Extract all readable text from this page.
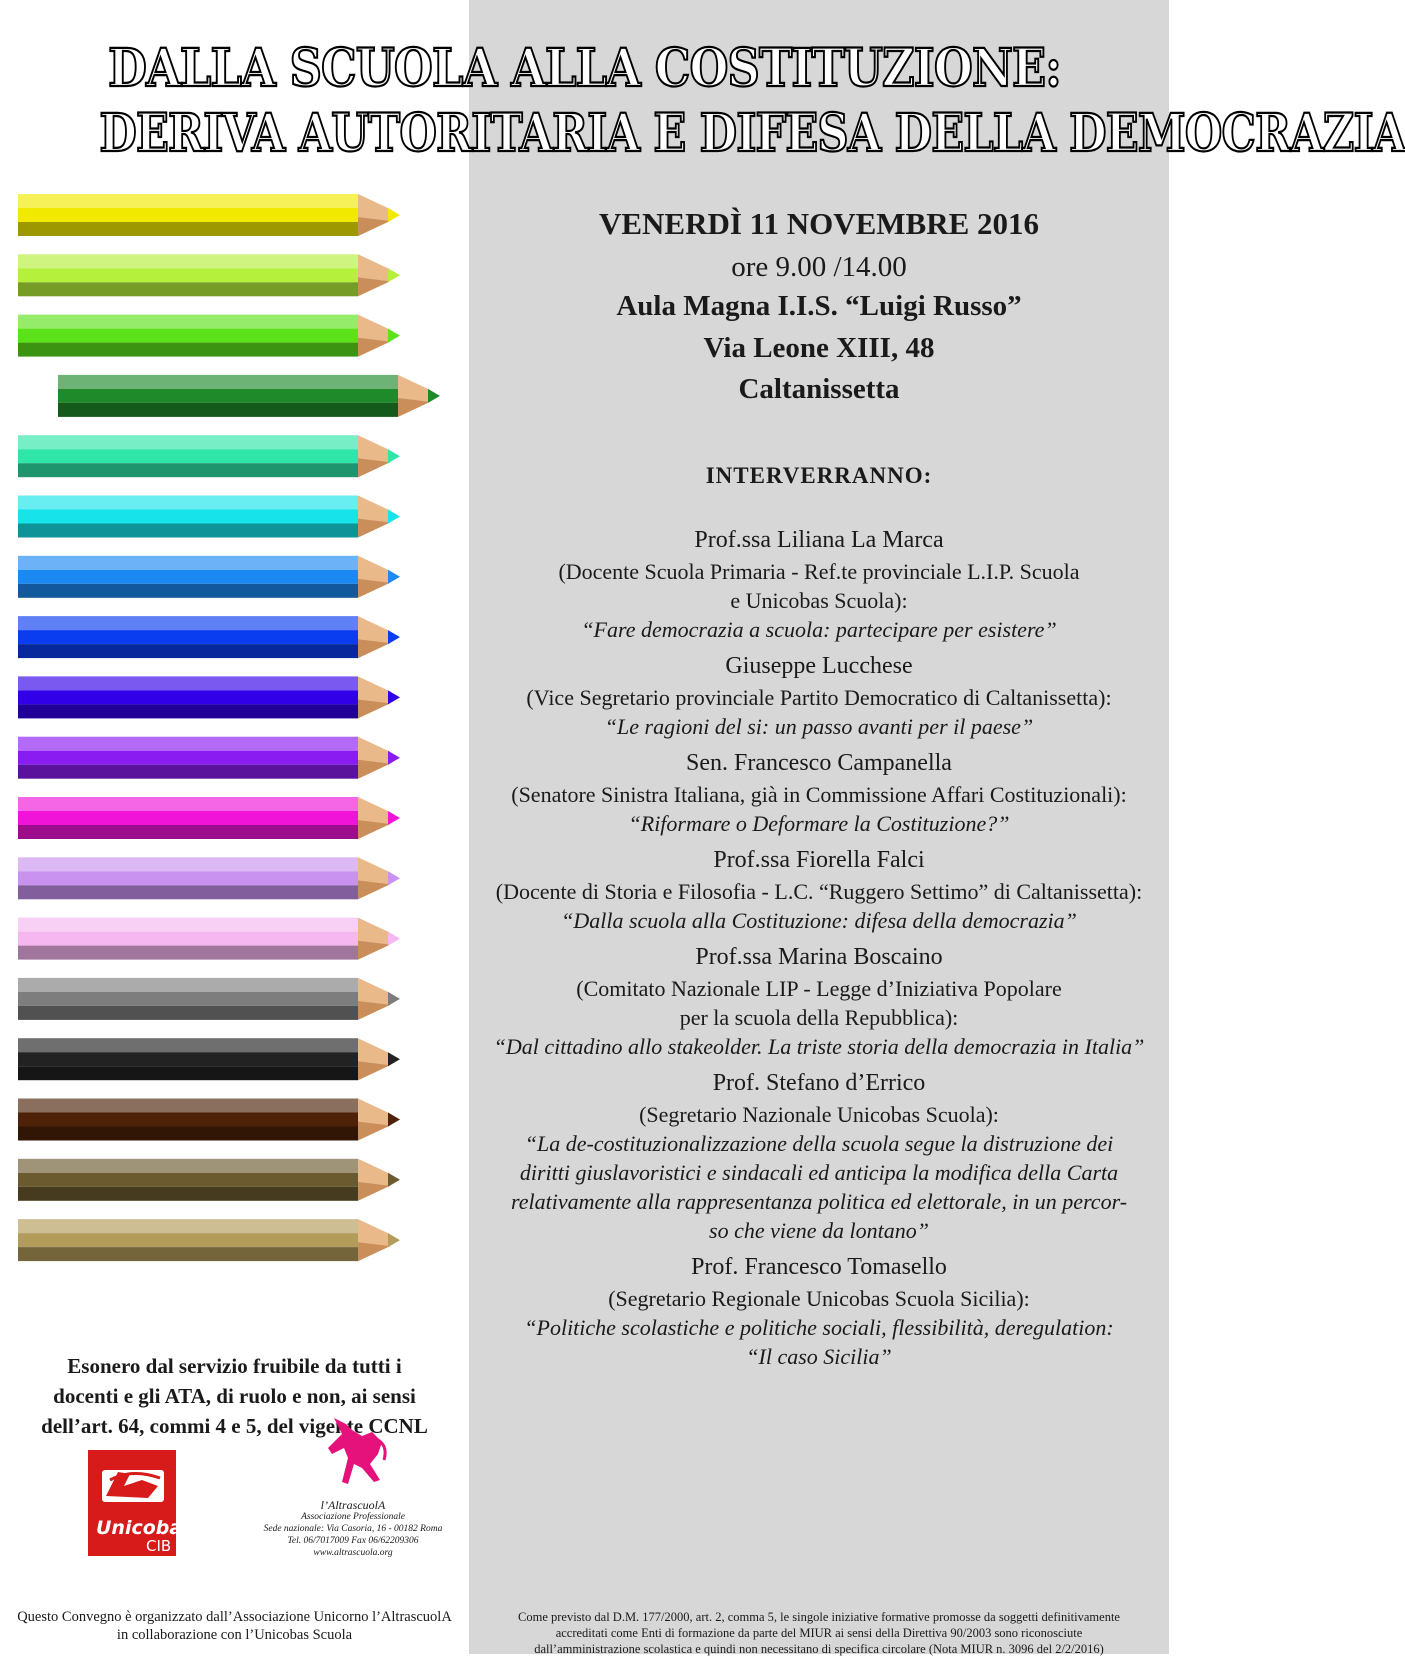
DALLA SCUOLA ALLA COSTITUZIONE:
DERIVA AUTORITARIA E DIFESA DELLA DEMOCRAZIA
VENERDÌ 11 NOVEMBRE 2016
ore 9.00 /14.00
Aula Magna I.I.S. “Luigi Russo”
Via Leone XIII, 48
Caltanissetta
INTERVERRANNO:
Prof.ssa Liliana La Marca
(Docente Scuola Primaria - Ref.te provinciale L.I.P. Scuola
e Unicobas Scuola):
“Fare democrazia a scuola: partecipare per esistere”
Giuseppe Lucchese
(Vice Segretario provinciale Partito Democratico di Caltanissetta):
“Le ragioni del si: un passo avanti per il paese”
Sen. Francesco Campanella
(Senatore Sinistra Italiana, già in Commissione Affari Costituzionali):
“Riformare o Deformare la Costituzione?”
Prof.ssa Fiorella Falci
(Docente di Storia e Filosofia - L.C. “Ruggero Settimo” di Caltanissetta):
“Dalla scuola alla Costituzione: difesa della democrazia”
Prof.ssa Marina Boscaino
(Comitato Nazionale LIP - Legge d’Iniziativa Popolare
per la scuola della Repubblica):
“Dal cittadino allo stakeolder. La triste storia della democrazia in Italia”
Prof. Stefano d’Errico
(Segretario Nazionale Unicobas Scuola):
“La de-costituzionalizzazione della scuola segue la distruzione dei
diritti giuslavoristici e sindacali ed anticipa la modifica della Carta
relativamente alla rappresentanza politica ed elettorale, in un percor-
so che viene da lontano”
Prof. Francesco Tomasello
(Segretario Regionale Unicobas Scuola Sicilia):
“Politiche scolastiche e politiche sociali, flessibilità, deregulation:
“Il caso Sicilia”
Esonero dal servizio fruibile da tutti i
docenti e gli ATA, di ruolo e non, ai sensi
dell’art. 64, commi 4 e 5, del vigente CCNL
Unicobas
CIB
l’AltrascuolA
Associazione Professionale
Sede nazionale: Via Casoria, 16 - 00182 Roma
Tel. 06/7017009 Fax 06/62209306
www.altrascuola.org
Questo Convegno è organizzato dall’Associazione Unicorno l’AltrascuolA
in collaborazione con l’Unicobas Scuola
Come previsto dal D.M. 177/2000, art. 2, comma 5, le singole iniziative formative promosse da soggetti definitivamente
accreditati come Enti di formazione da parte del MIUR ai sensi della Direttiva 90/2003 sono riconosciute
dall’amministrazione scolastica e quindi non necessitano di specifica circolare (Nota MIUR n. 3096 del 2/2/2016)
